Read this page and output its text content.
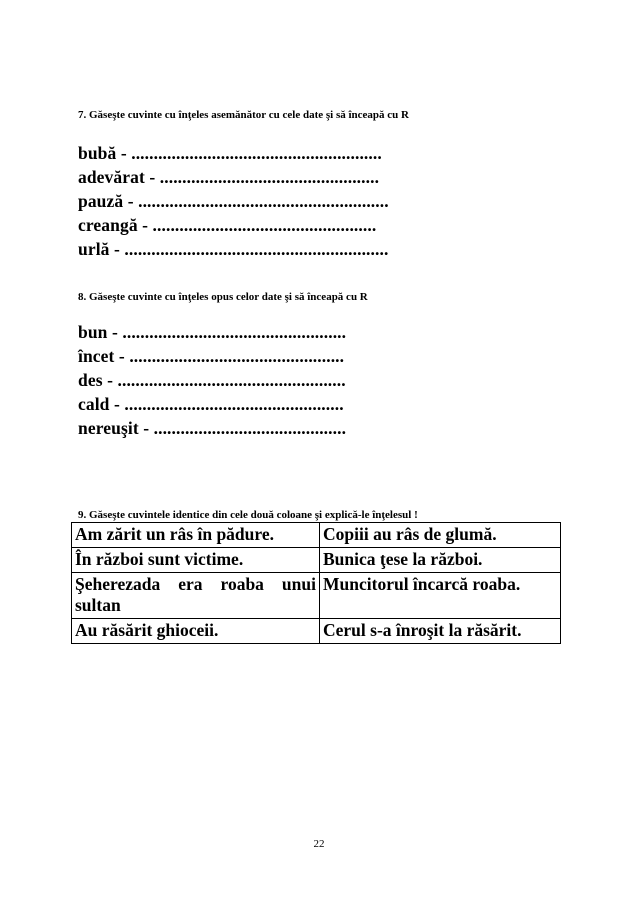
7. Găseşte cuvinte cu înţeles asemănător cu cele date şi să înceapă cu R
bubă - ........................................................
adevărat - .................................................
pauză - ........................................................
creangă - ..................................................
urlă - ...........................................................
8. Găseşte cuvinte cu înţeles opus celor date şi să înceapă cu R
bun - ..................................................
încet - ................................................
des - ...................................................
cald - .................................................
nereuşit - ...........................................
9. Găseşte cuvintele identice din cele două coloane şi explică-le înţelesul !
Am zărit un râs în pădure.	Copiii au râs de glumă.
În război sunt victime.	Bunica ţese la război.
Şeherezada era roaba unui sultan	Muncitorul încarcă roaba.
Au răsărit ghioceii.	Cerul s-a înroşit la răsărit.
22
